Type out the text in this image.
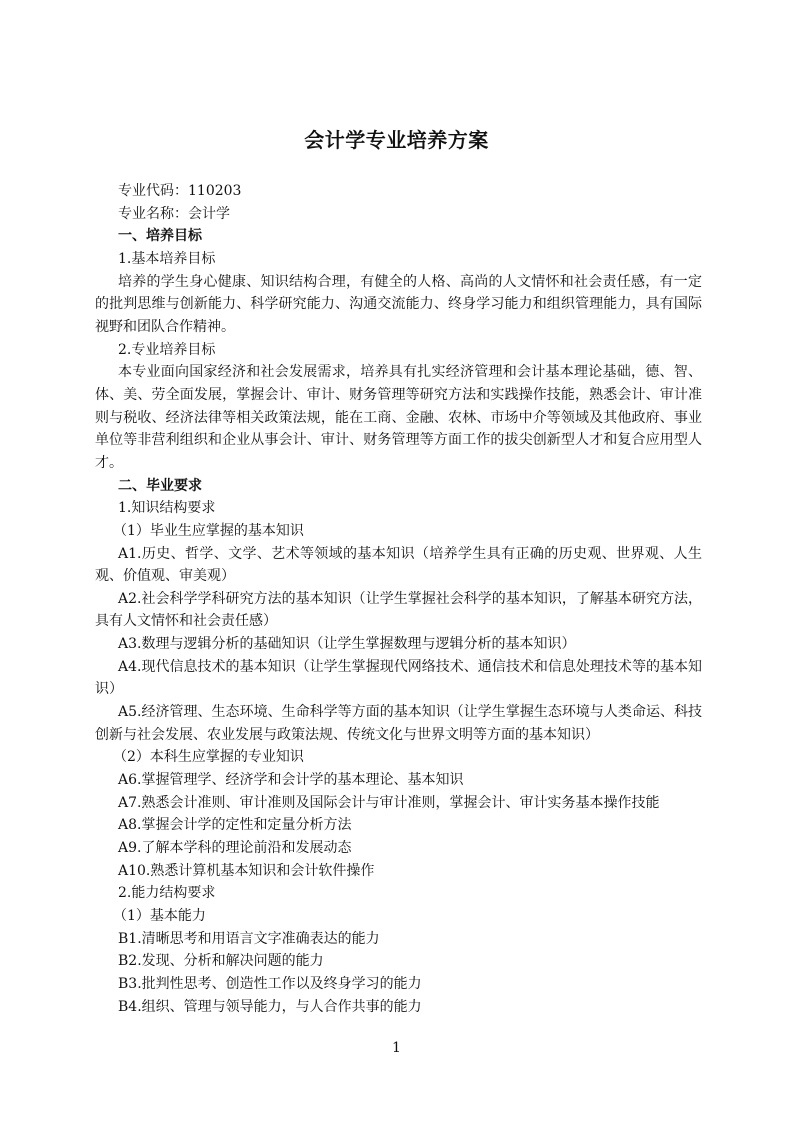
会计学专业培养方案

专业代码：110203

专业名称：会计学

一、培养目标

1.基本培养目标

培养的学生身心健康、知识结构合理，有健全的人格、高尚的人文情怀和社会责任感，有一定的批判思维与创新能力、科学研究能力、沟通交流能力、终身学习能力和组织管理能力，具有国际视野和团队合作精神。

2.专业培养目标

本专业面向国家经济和社会发展需求，培养具有扎实经济管理和会计基本理论基础，德、智、体、美、劳全面发展，掌握会计、审计、财务管理等研究方法和实践操作技能，熟悉会计、审计准则与税收、经济法律等相关政策法规，能在工商、金融、农林、市场中介等领域及其他政府、事业单位等非营利组织和企业从事会计、审计、财务管理等方面工作的拔尖创新型人才和复合应用型人才。

二、毕业要求

1.知识结构要求

（1）毕业生应掌握的基本知识

A1.历史、哲学、文学、艺术等领域的基本知识（培养学生具有正确的历史观、世界观、人生观、价值观、审美观）

A2.社会科学学科研究方法的基本知识（让学生掌握社会科学的基本知识，了解基本研究方法，具有人文情怀和社会责任感）

A3.数理与逻辑分析的基础知识（让学生掌握数理与逻辑分析的基本知识）

A4.现代信息技术的基本知识（让学生掌握现代网络技术、通信技术和信息处理技术等的基本知识）

A5.经济管理、生态环境、生命科学等方面的基本知识（让学生掌握生态环境与人类命运、科技创新与社会发展、农业发展与政策法规、传统文化与世界文明等方面的基本知识）

（2）本科生应掌握的专业知识

A6.掌握管理学、经济学和会计学的基本理论、基本知识

A7.熟悉会计准则、审计准则及国际会计与审计准则，掌握会计、审计实务基本操作技能

A8.掌握会计学的定性和定量分析方法

A9.了解本学科的理论前沿和发展动态

A10.熟悉计算机基本知识和会计软件操作

2.能力结构要求

（1）基本能力

B1.清晰思考和用语言文字准确表达的能力

B2.发现、分析和解决问题的能力

B3.批判性思考、创造性工作以及终身学习的能力

B4.组织、管理与领导能力，与人合作共事的能力

1
